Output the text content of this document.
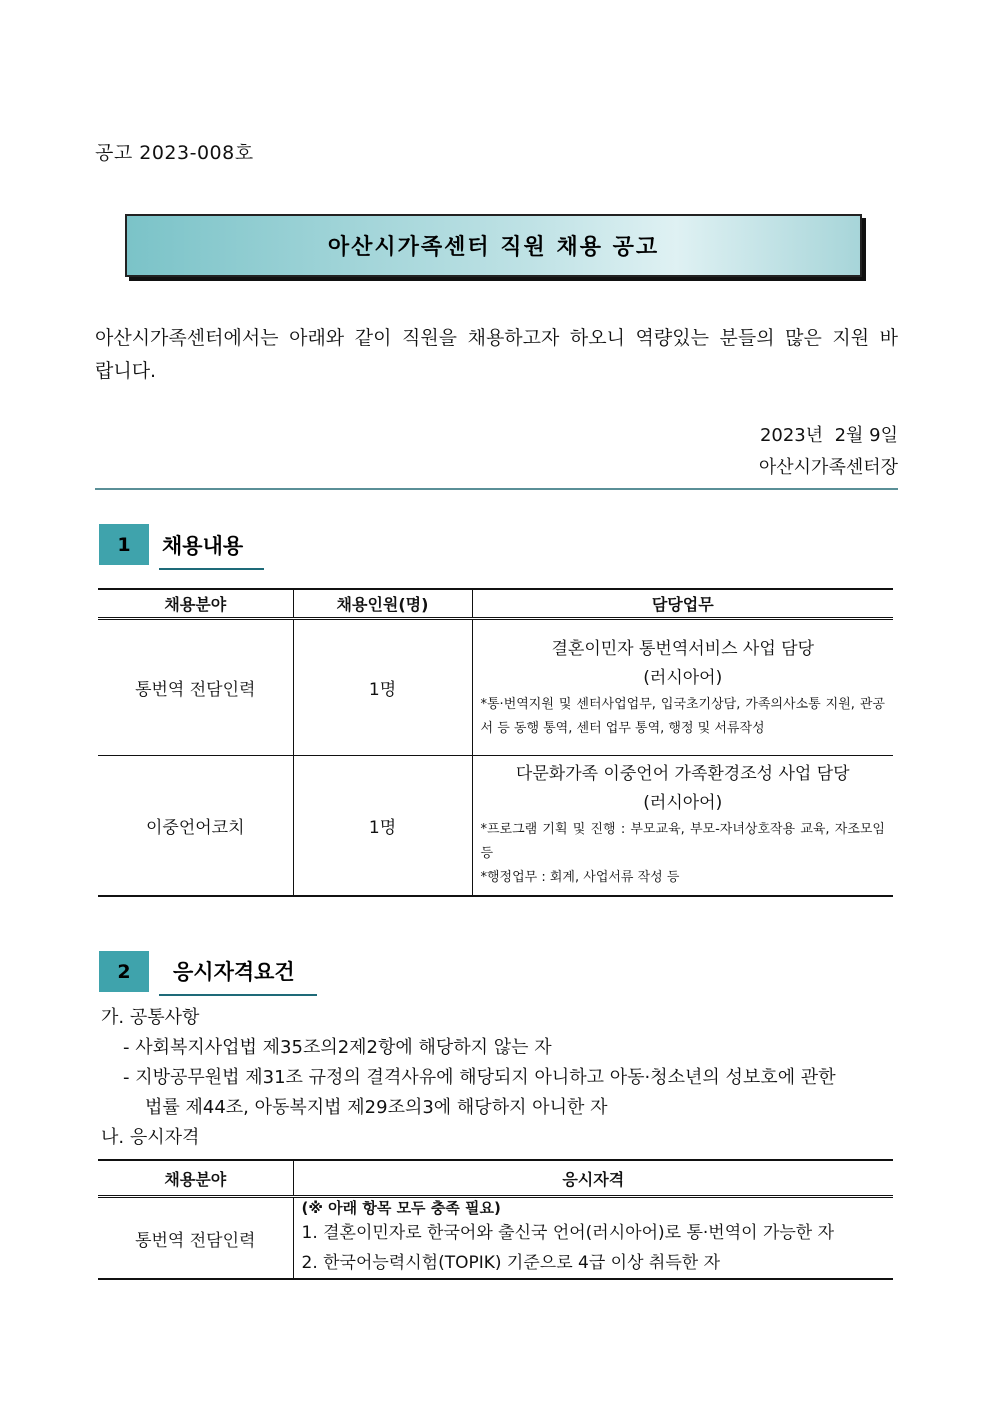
공고 2023-008호
아산시가족센터 직원 채용 공고
아산시가족센터에서는 아래와 같이 직원을 채용하고자 하오니 역량있는 분들의 많은 지원 바랍니다.
2023년  2월 9일
아산시가족센터장
1	채용내용
채용분야	채용인원(명)	담당업무
통번역 전담인력	1명	결혼이민자 통번역서비스 사업 담당
(러시아어)
*통·번역지원 및 센터사업업무, 입국초기상담, 가족의사소통 지원, 관공서 등 동행 통역, 센터 업무 통역, 행정 및 서류작성

이중언어코치	1명	다문화가족 이중언어 가족환경조성 사업 담당
(러시아어)
*프로그램 기획 및 진행 : 부모교육, 부모-자녀상호작용 교육, 자조모임 등
*행정업무 : 회계, 사업서류 작성 등
2	응시자격요건
가. 공통사항
- 사회복지사업법 제35조의2제2항에 해당하지 않는 자
- 지방공무원법 제31조 규정의 결격사유에 해당되지 아니하고 아동·청소년의 성보호에 관한
법률 제44조, 아동복지법 제29조의3에 해당하지 아니한 자
나. 응시자격
채용분야	응시자격
통번역 전담인력	(※ 아래 항목 모두 충족 필요)
1. 결혼이민자로 한국어와 출신국 언어(러시아어)로 통·번역이 가능한 자
2. 한국어능력시험(TOPIK) 기준으로 4급 이상 취득한 자
